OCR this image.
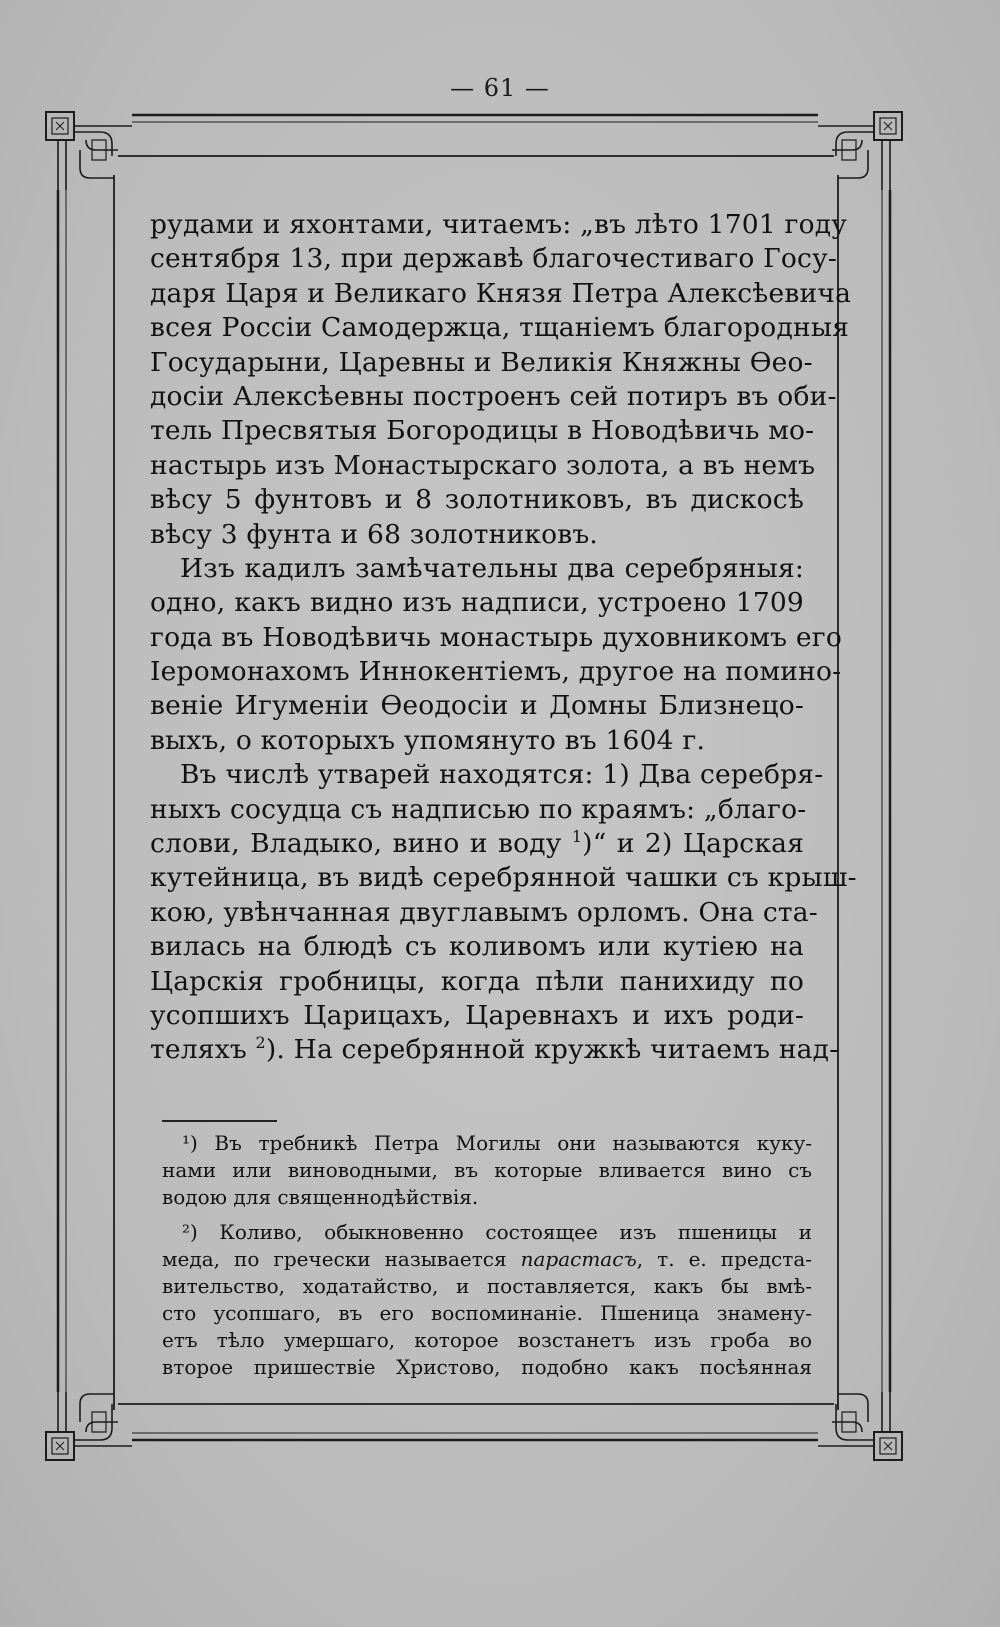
— 61 —
рудами и яхонтами, читаемъ: „въ лѣто 1701 году
сентября 13, при державѣ благочестиваго Госу-
даря Царя и Великаго Князя Петра Алексѣевича
всея Россіи Самодержца, тщаніемъ благородныя
Государыни, Царевны и Великія Княжны Ѳео-
досіи Алексѣевны построенъ сей потиръ въ оби-
тель Пресвятыя Богородицы в Новодѣвичь мо-
настырь изъ Монастырскаго золота, а въ немъ
вѣсу 5 фунтовъ и 8 золотниковъ, въ дискосѣ
вѣсу 3 фунта и 68 золотниковъ.
Изъ кадилъ замѣчательны два серебряныя:
одно, какъ видно изъ надписи, устроено 1709
года въ Новодѣвичь монастырь духовникомъ его
Іеромонахомъ Иннокентіемъ, другое на помино-
веніе Игуменіи Ѳеодосіи и Домны Близнецо-
выхъ, о которыхъ упомянуто въ 1604 г.
Въ числѣ утварей находятся: 1) Два серебря-
ныхъ сосудца съ надписью по краямъ: „благо-
слови, Владыко, вино и воду $^1$)“ и 2) Царская
кутейница, въ видѣ серебрянной чашки съ крыш-
кою, увѣнчанная двуглавымъ орломъ. Она ста-
вилась на блюдѣ съ коливомъ или кутіею на
Царскія гробницы, когда пѣли панихиду по
усопшихъ Царицахъ, Царевнахъ и ихъ роди-
теляхъ $^2$). На серебрянной кружкѣ читаемъ над-
¹) Въ требникѣ Петра Могилы они называются куку-
нами или виноводными, въ которые вливается вино съ
водою для священнодѣйствія.
²) Коливо, обыкновенно состоящее изъ пшеницы и
меда, по гречески называется парастасъ, т. е. предста-
вительство, ходатайство, и поставляется, какъ бы вмѣ-
сто усопшаго, въ его воспоминаніе. Пшеница знамену-
етъ тѣло умершаго, которое возстанетъ изъ гроба во
второе пришествіе Христово, подобно какъ посѣянная
